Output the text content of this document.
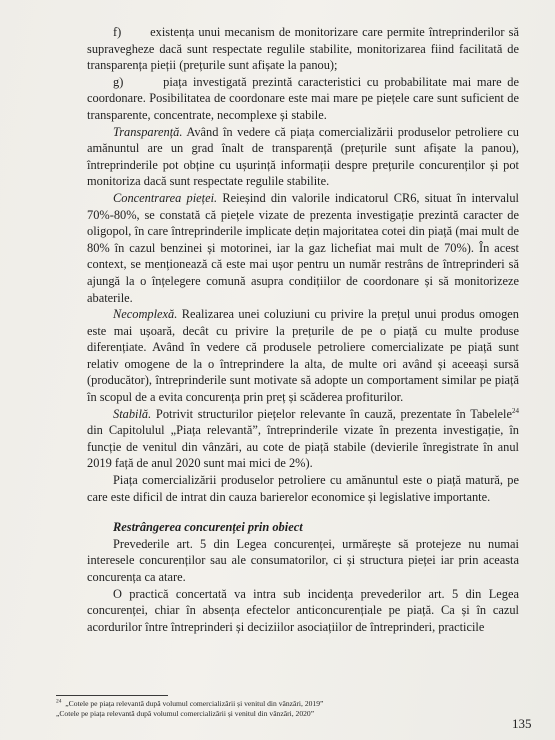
f) existența unui mecanism de monitorizare care permite întreprinderilor să supravegheze dacă sunt respectate regulile stabilite, monitorizarea fiind facilitată de transparența pieții (prețurile sunt afișate la panou);

g)	piața investigată prezintă caracteristici cu probabilitate mai mare de coordonare. Posibilitatea de coordonare este mai mare pe piețele care sunt suficient de transparente, concentrate, necomplexe și stabile.

Transparență. Având în vedere că piața comercializării produselor petroliere cu amănuntul are un grad înalt de transparență (prețurile sunt afișate la panou), întreprinderile pot obține cu ușurință informații despre prețurile concurenților și pot monitoriza dacă sunt respectate regulile stabilite.

Concentrarea pieței. Reieșind din valorile indicatorul CR6, situat în intervalul 70%-80%, se constată că piețele vizate de prezenta investigație prezintă caracter de oligopol, în care întreprinderile implicate dețin majoritatea cotei din piață (mai mult de 80% în cazul benzinei și motorinei, iar la gaz lichefiat mai mult de 70%). În acest context, se menționează că este mai ușor pentru un număr restrâns de întreprinderi să ajungă la o înțelegere comună asupra condițiilor de coordonare și să monitorizeze abaterile.

Necomplexă. Realizarea unei coluziuni cu privire la prețul unui produs omogen este mai ușoară, decât cu privire la prețurile de pe o piață cu multe produse diferențiate. Având în vedere că produsele petroliere comercializate pe piață sunt relativ omogene de la o întreprindere la alta, de multe ori având și aceeași sursă (producător), întreprinderile sunt motivate să adopte un comportament similar pe piață în scopul de a evita concurența prin preț și scăderea profiturilor.

Stabilă. Potrivit structurilor piețelor relevante în cauză, prezentate în Tabelele$^{24}$ din Capitolulul „Piața relevantă”, întreprinderile vizate în prezenta investigație, în funcție de venitul din vânzări, au cote de piață stabile (devierile înregistrate în anul 2019 față de anul 2020 sunt mai mici de 2%).

Piața comercializării produselor petroliere cu amănuntul este o piață matură, pe care este dificil de intrat din cauza barierelor economice și legislative importante.

Restrângerea concurenței prin obiect

Prevederile art. 5 din Legea concurenței, urmărește să protejeze nu numai interesele concurenților sau ale consumatorilor, ci și structura pieței iar prin aceasta concurența ca atare.

O practică concertată va intra sub incidența prevederilor art. 5 din Legea concurenței, chiar în absența efectelor anticoncurențiale pe piață. Ca și în cazul acordurilor între întreprinderi și deciziilor asociațiilor de întreprinderi, practicile

$^{24}$ „Cotele pe piața relevantă după volumul comercializării și venitul din vânzări, 2019”
„Cotele pe piața relevantă după volumul comercializării și venitul din vânzări, 2020”
135
